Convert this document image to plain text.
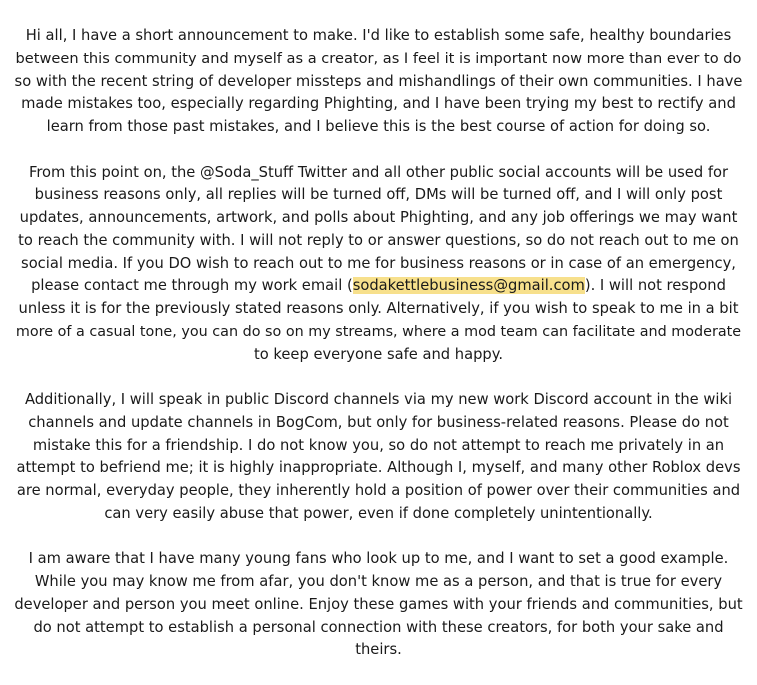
Hi all, I have a short announcement to make. I'd like to establish some safe, healthy boundaries
between this community and myself as a creator, as I feel it is important now more than ever to do
so with the recent string of developer missteps and mishandlings of their own communities. I have
made mistakes too, especially regarding Phighting, and I have been trying my best to rectify and
learn from those past mistakes, and I believe this is the best course of action for doing so.

From this point on, the @Soda_Stuff Twitter and all other public social accounts will be used for
business reasons only, all replies will be turned off, DMs will be turned off, and I will only post
updates, announcements, artwork, and polls about Phighting, and any job offerings we may want
to reach the community with. I will not reply to or answer questions, so do not reach out to me on
social media. If you DO wish to reach out to me for business reasons or in case of an emergency,
please contact me through my work email (sodakettlebusiness@gmail.com). I will not respond
unless it is for the previously stated reasons only. Alternatively, if you wish to speak to me in a bit
more of a casual tone, you can do so on my streams, where a mod team can facilitate and moderate
to keep everyone safe and happy.

Additionally, I will speak in public Discord channels via my new work Discord account in the wiki
channels and update channels in BogCom, but only for business-related reasons. Please do not
mistake this for a friendship. I do not know you, so do not attempt to reach me privately in an
attempt to befriend me; it is highly inappropriate. Although I, myself, and many other Roblox devs
are normal, everyday people, they inherently hold a position of power over their communities and
can very easily abuse that power, even if done completely unintentionally.

I am aware that I have many young fans who look up to me, and I want to set a good example.
While you may know me from afar, you don't know me as a person, and that is true for every
developer and person you meet online. Enjoy these games with your friends and communities, but
do not attempt to establish a personal connection with these creators, for both your sake and
theirs.
